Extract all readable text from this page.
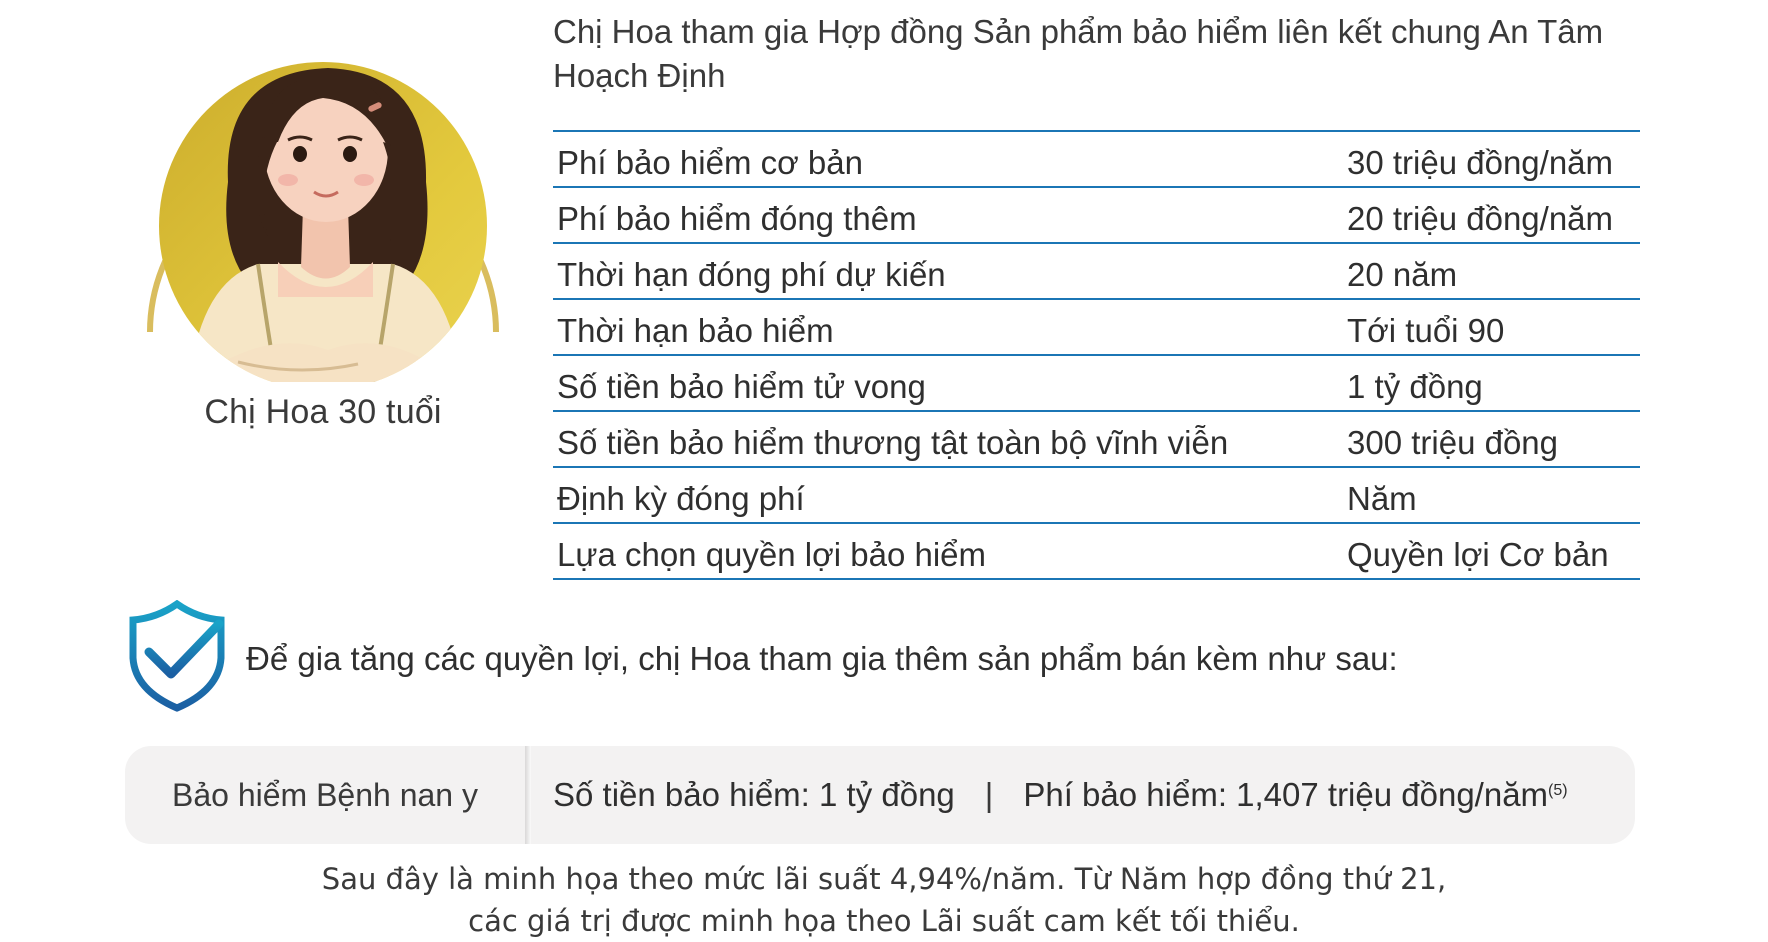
Chị Hoa 30 tuổi
Chị Hoa tham gia Hợp đồng Sản phẩm bảo hiểm liên kết chung An Tâm Hoạch Định
Phí bảo hiểm cơ bản	30 triệu đồng/năm
Phí bảo hiểm đóng thêm	20 triệu đồng/năm
Thời hạn đóng phí dự kiến	20 năm
Thời hạn bảo hiểm	Tới tuổi 90
Số tiền bảo hiểm tử vong	1 tỷ đồng
Số tiền bảo hiểm thương tật toàn bộ vĩnh viễn	300 triệu đồng
Định kỳ đóng phí	Năm
Lựa chọn quyền lợi bảo hiểm	Quyền lợi Cơ bản
Để gia tăng các quyền lợi, chị Hoa tham gia thêm sản phẩm bán kèm như sau:
Bảo hiểm Bệnh nan y	Số tiền bảo hiểm: 1 tỷ đồng | Phí bảo hiểm: 1,407 triệu đồng/năm$^{(5)}$
Sau đây là minh họa theo mức lãi suất 4,94%/năm. Từ Năm hợp đồng thứ 21,
các giá trị được minh họa theo Lãi suất cam kết tối thiểu.
